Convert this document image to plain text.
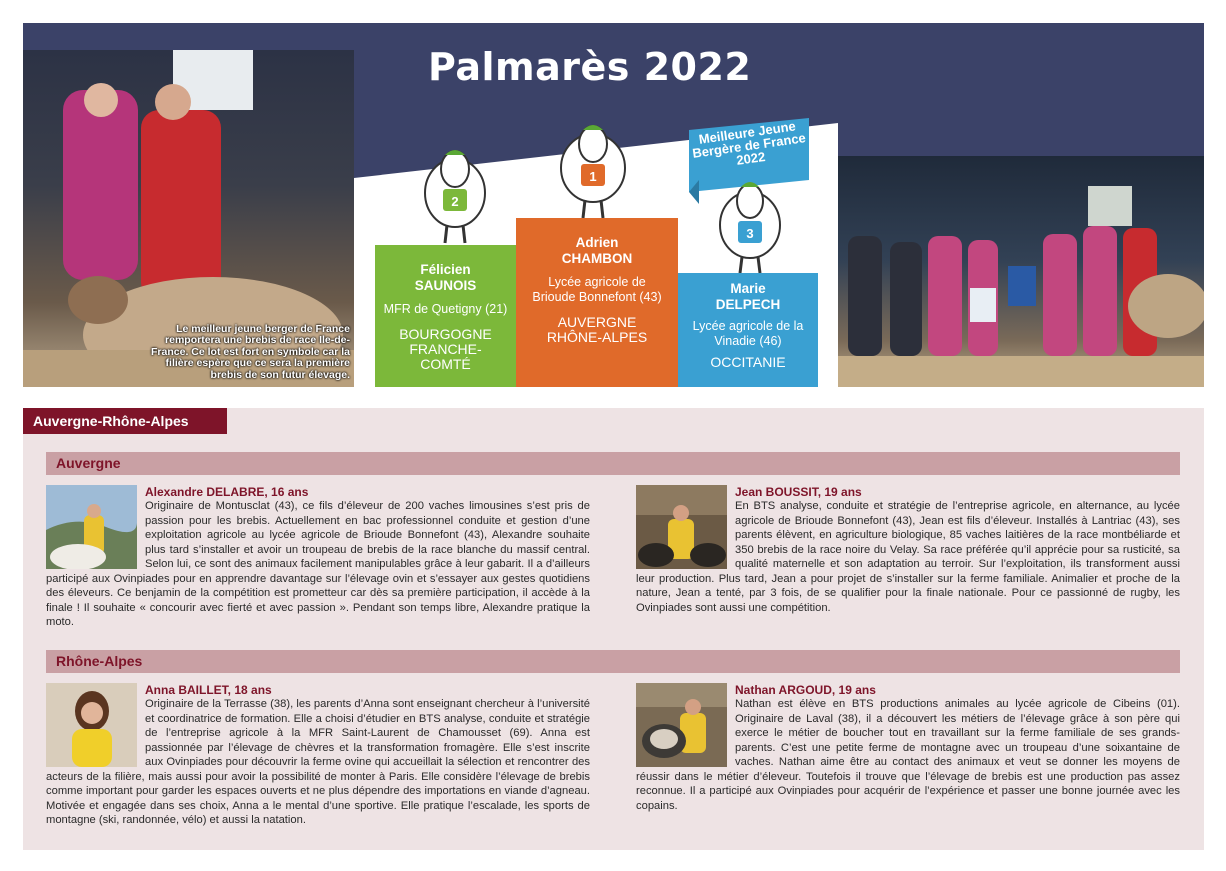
Le meilleur jeune berger de France remportera une brebis de race Ile-de-France. Ce lot est fort en symbole car la filière espère que ce sera la première brebis de son futur élevage.
Palmarès 2022
2
1
Meilleure Jeune Bergère de France 2022
3
Félicien
SAUNOIS
MFR de Quetigny (21)
BOURGOGNE FRANCHE-COMTÉ
Adrien
CHAMBON
Lycée agricole de Brioude Bonnefont (43)
AUVERGNE RHÔNE-ALPES
Marie
DELPECH
Lycée agricole de la Vinadie (46)
OCCITANIE
Auvergne-Rhône-Alpes
Auvergne
Alexandre DELABRE, 16 ans

Originaire de Montusclat (43), ce fils d’éleveur de 200 vaches limousines s’est pris de passion pour les brebis. Actuellement en bac professionnel conduite et gestion d’une exploitation agricole au lycée agricole de Brioude Bonnefont (43), Alexandre souhaite plus tard s’installer et avoir un troupeau de brebis de la race blanche du massif central. Selon lui, ce sont des animaux facilement manipulables grâce à leur gabarit. Il a d’ailleurs participé aux Ovinpiades pour en apprendre davantage sur l’élevage ovin et s’essayer aux gestes quotidiens des éleveurs. Ce benjamin de la compétition est prometteur car dès sa première participation, il accède à la finale ! Il souhaite « concourir avec fierté et avec passion ». Pendant son temps libre, Alexandre pratique la moto.

Jean BOUSSIT, 19 ans

En BTS analyse, conduite et stratégie de l’entreprise agricole, en alternance, au lycée agricole de Brioude Bonnefont (43), Jean est fils d’éleveur. Installés à Lantriac (43), ses parents élèvent, en agriculture biologique, 85 vaches laitières de la race montbéliarde et 350 brebis de la race noire du Velay. Sa race préférée qu’il apprécie pour sa rusticité, sa qualité maternelle et son adaptation au terroir. Sur l’exploitation, ils transforment aussi leur production. Plus tard, Jean a pour projet de s’installer sur la ferme familiale. Animalier et proche de la nature, Jean a tenté, par 3 fois, de se qualifier pour la finale nationale. Pour ce passionné de rugby, les Ovinpiades sont aussi une compétition.

Rhône-Alpes
Anna BAILLET, 18 ans

Originaire de la Terrasse (38), les parents d’Anna sont enseignant chercheur à l’université et coordinatrice de formation. Elle a choisi d’étudier en BTS analyse, conduite et stratégie de l’entreprise agricole à la MFR Saint-Laurent de Chamousset (69). Anna est passionnée par l’élevage de chèvres et la transformation fromagère. Elle s’est inscrite aux Ovinpiades pour découvrir la ferme ovine qui accueillait la sélection et rencontrer des acteurs de la filière, mais aussi pour avoir la possibilité de monter à Paris. Elle considère l’élevage de brebis comme important pour garder les espaces ouverts et ne plus dépendre des importations en viande d’agneau. Motivée et engagée dans ses choix, Anna a le mental d’une sportive. Elle pratique l’escalade, les sports de montagne (ski, randonnée, vélo) et aussi la natation.

Nathan ARGOUD, 19 ans

Nathan est élève en BTS productions animales au lycée agricole de Cibeins (01). Originaire de Laval (38), il a découvert les métiers de l’élevage grâce à son père qui exerce le métier de boucher tout en travaillant sur la ferme familiale de ses grands-parents. C’est une petite ferme de montagne avec un troupeau d’une soixantaine de vaches. Nathan aime être au contact des animaux et veut se donner les moyens de réussir dans le métier d’éleveur. Toutefois il trouve que l’élevage de brebis est une production pas assez reconnue. Il a participé aux Ovinpiades pour acquérir de l’expérience et passer une bonne journée avec les copains.
